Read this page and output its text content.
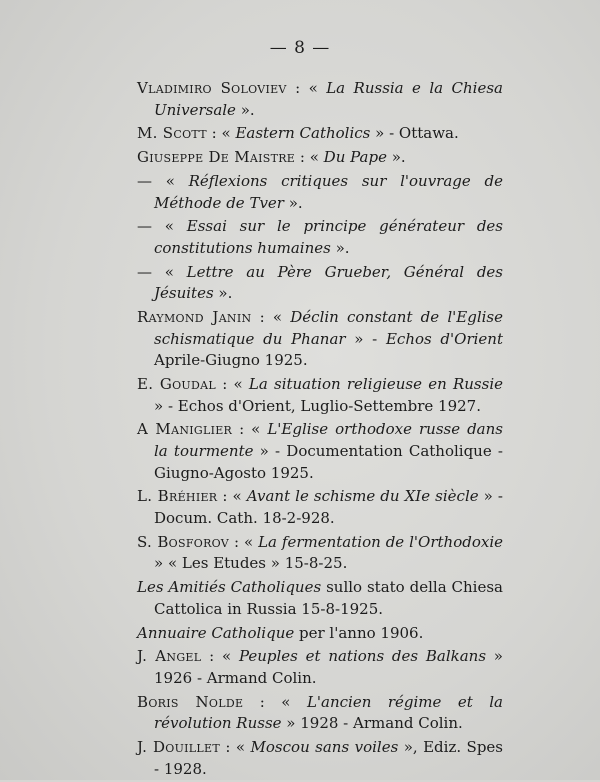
— 8 —
Vladimiro Soloviev : « La Russia e la Chiesa Universale ».
M. Scott : « Eastern Catholics » - Ottawa.
Giuseppe De Maistre : « Du Pape ».
— « Réflexions critiques sur l'ouvrage de Méthode de Tver ».
— « Essai sur le principe générateur des constitutions humaines ».
— « Lettre au Père Grueber, Général des Jésuites ».
Raymond Janin : « Déclin constant de l'Eglise schismatique du Phanar » - Echos d'Orient Aprile-Giugno 1925.
E. Goudal : « La situation religieuse en Russie » - Echos d'Orient, Luglio-Settembre 1927.
A Maniglier : « L'Eglise orthodoxe russe dans la tourmente » - Documentation Catholique - Giugno-Agosto 1925.
L. Bréhier : « Avant le schisme du XIe siècle » - Docum. Cath. 18-2-928.
S. Bosforov : « La fermentation de l'Orthodoxie » « Les Etudes » 15-8-25.
Les Amitiés Catholiques sullo stato della Chiesa Cattolica in Russia 15-8-1925.
Annuaire Catholique per l'anno 1906.
J. Angel : « Peuples et nations des Balkans » 1926 - Armand Colin.
Boris Nolde : « L'ancien régime et la révolution Russe » 1928 - Armand Colin.
J. Douillet : « Moscou sans voiles », Ediz. Spes - 1928.
